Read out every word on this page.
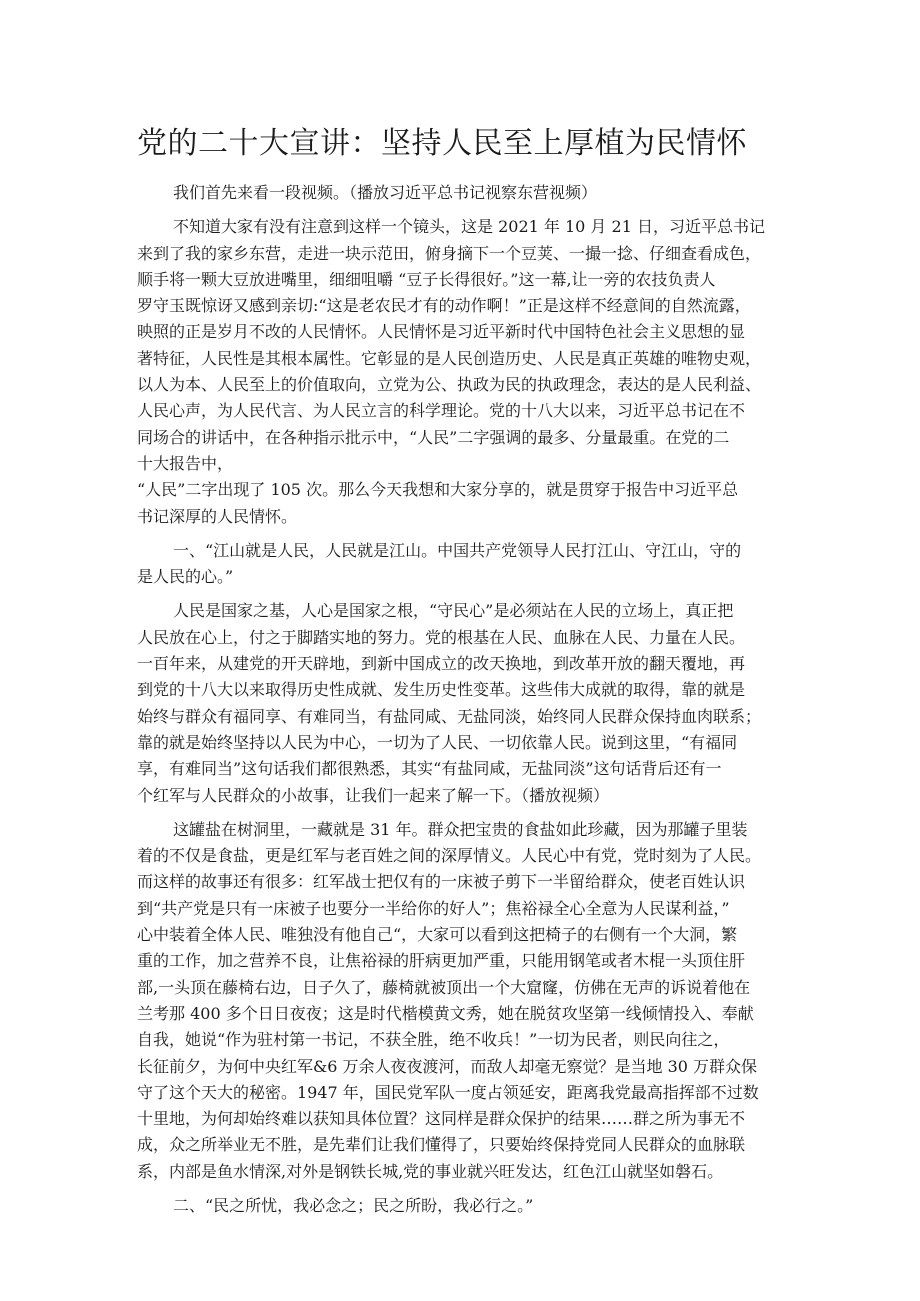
党的二十大宣讲：坚持人民至上厚植为民情怀

我们首先来看一段视频。（播放习近平总书记视察东营视频）

不知道大家有没有注意到这样一个镜头，这是 2021 年 10 月 21 日，习近平总书记
来到了我的家乡东营，走进一块示范田，俯身摘下一个豆荚、一撮一捻、仔细查看成色，
顺手将一颗大豆放进嘴里，细细咀嚼 “豆子长得很好。”这一幕,让一旁的农技负责人
罗守玉既惊讶又感到亲切:“这是老农民才有的动作啊！”正是这样不经意间的自然流露，
映照的正是岁月不改的人民情怀。人民情怀是习近平新时代中国特色社会主义思想的显
著特征，人民性是其根本属性。它彰显的是人民创造历史、人民是真正英雄的唯物史观，
以人为本、人民至上的价值取向，立党为公、执政为民的执政理念，表达的是人民利益、
人民心声，为人民代言、为人民立言的科学理论。党的十八大以来，习近平总书记在不
同场合的讲话中，在各种指示批示中，“人民”二字强调的最多、分量最重。在党的二
十大报告中，
“人民”二字出现了 105 次。那么今天我想和大家分享的，就是贯穿于报告中习近平总
书记深厚的人民情怀。

一、“江山就是人民，人民就是江山。中国共产党领导人民打江山、守江山，守的
是人民的心。”

人民是国家之基，人心是国家之根，“守民心”是必须站在人民的立场上，真正把
人民放在心上，付之于脚踏实地的努力。党的根基在人民、血脉在人民、力量在人民。
一百年来，从建党的开天辟地，到新中国成立的改天换地，到改革开放的翻天覆地，再
到党的十八大以来取得历史性成就、发生历史性变革。这些伟大成就的取得，靠的就是
始终与群众有福同享、有难同当，有盐同咸、无盐同淡，始终同人民群众保持血肉联系；
靠的就是始终坚持以人民为中心，一切为了人民、一切依靠人民。说到这里，“有福同
享，有难同当”这句话我们都很熟悉，其实“有盐同咸，无盐同淡”这句话背后还有一
个红军与人民群众的小故事，让我们一起来了解一下。（播放视频）

这罐盐在树洞里，一藏就是 31 年。群众把宝贵的食盐如此珍藏，因为那罐子里装
着的不仅是食盐，更是红军与老百姓之间的深厚情义。人民心中有党，党时刻为了人民。
而这样的故事还有很多：红军战士把仅有的一床被子剪下一半留给群众，使老百姓认识
到“共产党是只有一床被子也要分一半给你的好人”；焦裕禄全心全意为人民谋利益，”
心中装着全体人民、唯独没有他自己“，大家可以看到这把椅子的右侧有一个大洞，繁
重的工作，加之营养不良，让焦裕禄的肝病更加严重，只能用钢笔或者木棍一头顶住肝
部,一头顶在藤椅右边，日子久了，藤椅就被顶出一个大窟窿，仿佛在无声的诉说着他在
兰考那 400 多个日日夜夜；这是时代楷模黄文秀，她在脱贫攻坚第一线倾情投入、奉献
自我，她说“作为驻村第一书记，不获全胜，绝不收兵！”一切为民者，则民向往之，
长征前夕，为何中央红军&6 万余人夜夜渡河，而敌人却毫无察觉？是当地 30 万群众保
守了这个天大的秘密。1947 年，国民党军队一度占领延安，距离我党最高指挥部不过数
十里地，为何却始终难以获知具体位置？这同样是群众保护的结果……群之所为事无不
成，众之所举业无不胜，是先辈们让我们懂得了，只要始终保持党同人民群众的血脉联
系，内部是鱼水情深,对外是钢铁长城,党的事业就兴旺发达，红色江山就坚如磐石。

二、“民之所忧，我必念之；民之所盼，我必行之。”
